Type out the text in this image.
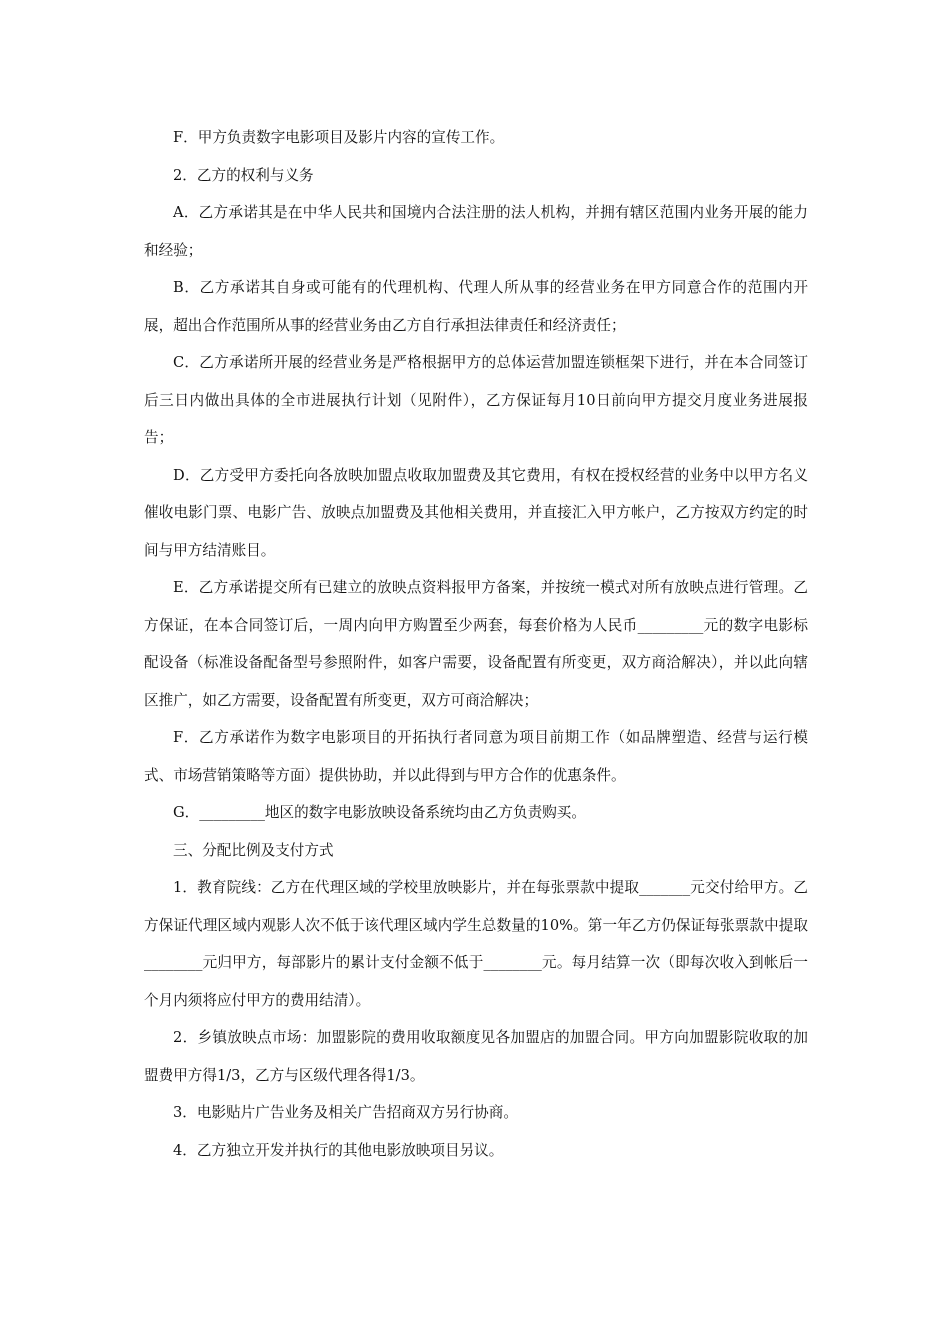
F．甲方负责数字电影项目及影片内容的宣传工作。

2．乙方的权利与义务

A．乙方承诺其是在中华人民共和国境内合法注册的法人机构，并拥有辖区范围内业务开展的能力和经验；

B．乙方承诺其自身或可能有的代理机构、代理人所从事的经营业务在甲方同意合作的范围内开展，超出合作范围所从事的经营业务由乙方自行承担法律责任和经济责任；

C．乙方承诺所开展的经营业务是严格根据甲方的总体运营加盟连锁框架下进行，并在本合同签订后三日内做出具体的全市进展执行计划（见附件），乙方保证每月10日前向甲方提交月度业务进展报告；

D．乙方受甲方委托向各放映加盟点收取加盟费及其它费用，有权在授权经营的业务中以甲方名义催收电影门票、电影广告、放映点加盟费及其他相关费用，并直接汇入甲方帐户，乙方按双方约定的时间与甲方结清账目。

E．乙方承诺提交所有已建立的放映点资料报甲方备案，并按统一模式对所有放映点进行管理。乙方保证，在本合同签订后，一周内向甲方购置至少两套，每套价格为人民币_________元的数字电影标配设备（标准设备配备型号参照附件，如客户需要，设备配置有所变更，双方商洽解决），并以此向辖区推广，如乙方需要，设备配置有所变更，双方可商洽解决；

F．乙方承诺作为数字电影项目的开拓执行者同意为项目前期工作（如品牌塑造、经营与运行模式、市场营销策略等方面）提供协助，并以此得到与甲方合作的优惠条件。

G．_________地区的数字电影放映设备系统均由乙方负责购买。

三、分配比例及支付方式

1．教育院线：乙方在代理区域的学校里放映影片，并在每张票款中提取_______元交付给甲方。乙方保证代理区域内观影人次不低于该代理区域内学生总数量的10%。第一年乙方仍保证每张票款中提取________元归甲方，每部影片的累计支付金额不低于________元。每月结算一次（即每次收入到帐后一个月内须将应付甲方的费用结清）。

2．乡镇放映点市场：加盟影院的费用收取额度见各加盟店的加盟合同。甲方向加盟影院收取的加盟费甲方得1/3，乙方与区级代理各得1/3。

3．电影贴片广告业务及相关广告招商双方另行协商。

4．乙方独立开发并执行的其他电影放映项目另议。
